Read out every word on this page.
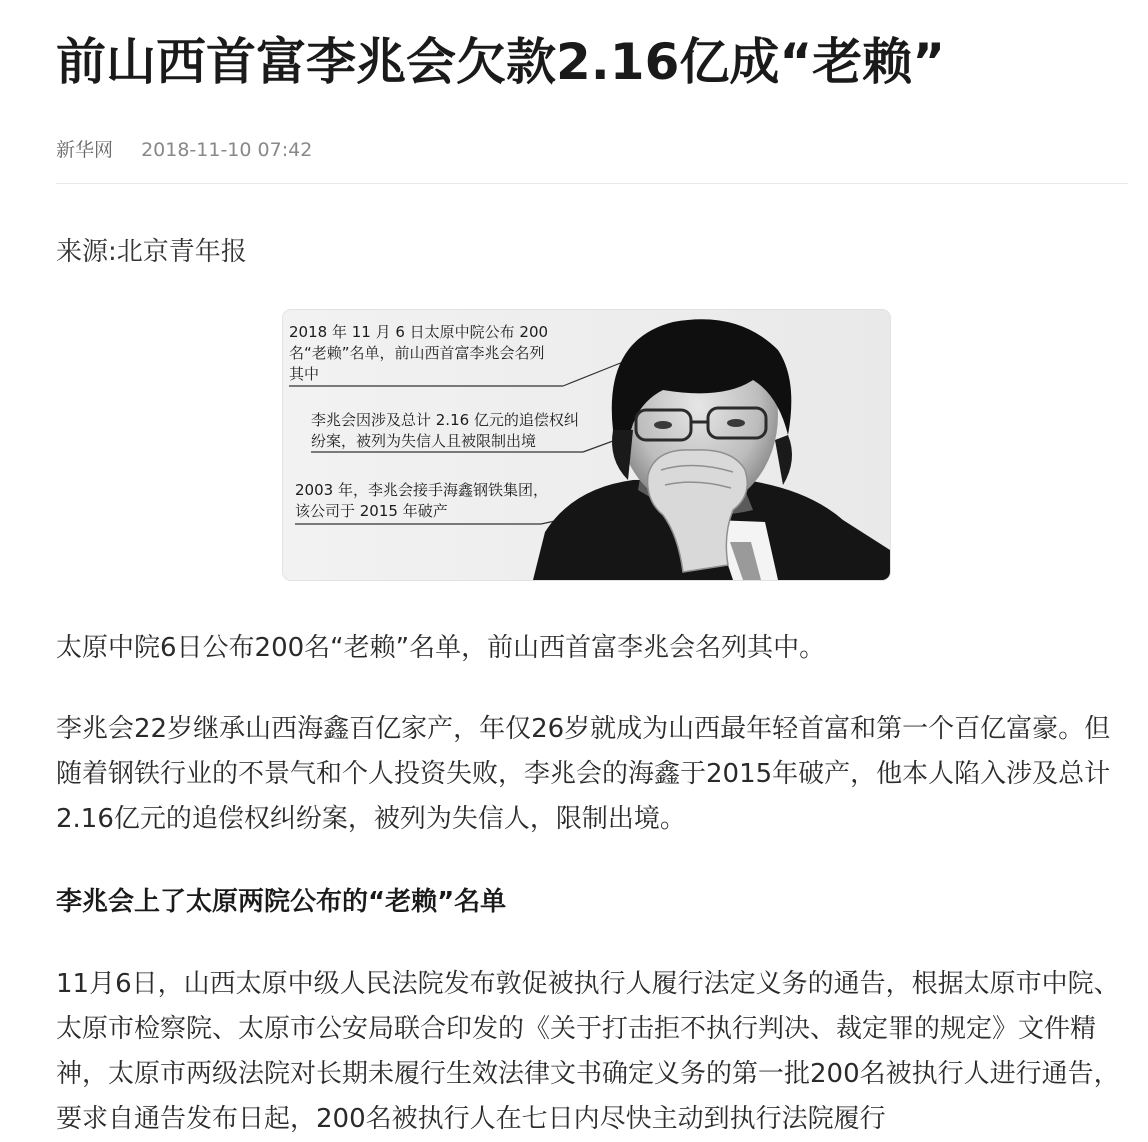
前山西首富李兆会欠款2.16亿成“老赖”
新华网 2018-11-10 07:42

来源:北京青年报

2018 年 11 月 6 日太原中院公布 200
名“老赖”名单，前山西首富李兆会名列
其中
李兆会因涉及总计 2.16 亿元的追偿权纠
纷案，被列为失信人且被限制出境
2003 年，李兆会接手海鑫钢铁集团，
该公司于 2015 年破产

太原中院6日公布200名“老赖”名单，前山西首富李兆会名列其中。

李兆会22岁继承山西海鑫百亿家产，年仅26岁就成为山西最年轻首富和第一个百亿富豪。但随着钢铁行业的不景气和个人投资失败，李兆会的海鑫于2015年破产，他本人陷入涉及总计2.16亿元的追偿权纠纷案，被列为失信人，限制出境。

李兆会上了太原两院公布的“老赖”名单

11月6日，山西太原中级人民法院发布敦促被执行人履行法定义务的通告，根据太原市中院、太原市检察院、太原市公安局联合印发的《关于打击拒不执行判决、裁定罪的规定》文件精神，太原市两级法院对长期未履行生效法律文书确定义务的第一批200名被执行人进行通告，要求自通告发布日起，200名被执行人在七日内尽快主动到执行法院履行
